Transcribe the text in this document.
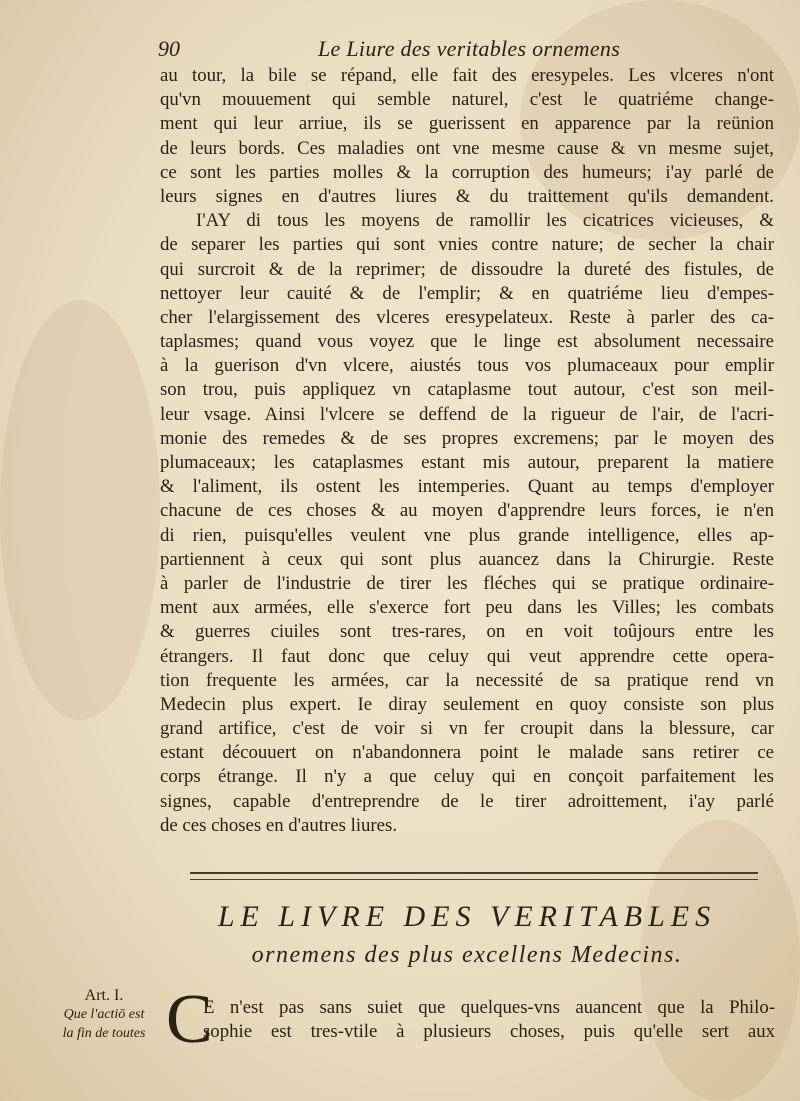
90	Le Liure des veritables ornemens
au tour, la bile se répand, elle fait des eresypeles. Les vlceres n'ont
qu'vn mouuement qui semble naturel, c'est le quatriéme change-
ment qui leur arriue, ils se guerissent en apparence par la reünion
de leurs bords. Ces maladies ont vne mesme cause & vn mesme sujet,
ce sont les parties molles & la corruption des humeurs; i'ay parlé de
leurs signes en d'autres liures & du traittement qu'ils demandent.
I'AY di tous les moyens de ramollir les cicatrices vicieuses, &
de separer les parties qui sont vnies contre nature; de secher la chair
qui surcroit & de la reprimer; de dissoudre la dureté des fistules, de
nettoyer leur cauité & de l'emplir; & en quatriéme lieu d'empes-
cher l'elargissement des vlceres eresypelateux. Reste à parler des ca-
taplasmes; quand vous voyez que le linge est absolument necessaire
à la guerison d'vn vlcere, aiustés tous vos plumaceaux pour emplir
son trou, puis appliquez vn cataplasme tout autour, c'est son meil-
leur vsage. Ainsi l'vlcere se deffend de la rigueur de l'air, de l'acri-
monie des remedes & de ses propres excremens; par le moyen des
plumaceaux; les cataplasmes estant mis autour, preparent la matiere
& l'aliment, ils ostent les intemperies. Quant au temps d'employer
chacune de ces choses & au moyen d'apprendre leurs forces, ie n'en
di rien, puisqu'elles veulent vne plus grande intelligence, elles ap-
partiennent à ceux qui sont plus auancez dans la Chirurgie. Reste
à parler de l'industrie de tirer les fléches qui se pratique ordinaire-
ment aux armées, elle s'exerce fort peu dans les Villes; les combats
& guerres ciuiles sont tres-rares, on en voit toûjours entre les
étrangers. Il faut donc que celuy qui veut apprendre cette opera-
tion frequente les armées, car la necessité de sa pratique rend vn
Medecin plus expert. Ie diray seulement en quoy consiste son plus
grand artifice, c'est de voir si vn fer croupit dans la blessure, car
estant découuert on n'abandonnera point le malade sans retirer ce
corps étrange. Il n'y a que celuy qui en conçoit parfaitement les
signes, capable d'entreprendre de le tirer adroittement, i'ay parlé
de ces choses en d'autres liures.
LE LIVRE DES VERITABLES
ornemens des plus excellens Medecins.
Art. I.
Que l'actiō est
la fin de toutes C
E n'est pas sans suiet que quelques-vns auancent que la Philo-
sophie est tres-vtile à plusieurs choses, puis qu'elle sert aux
